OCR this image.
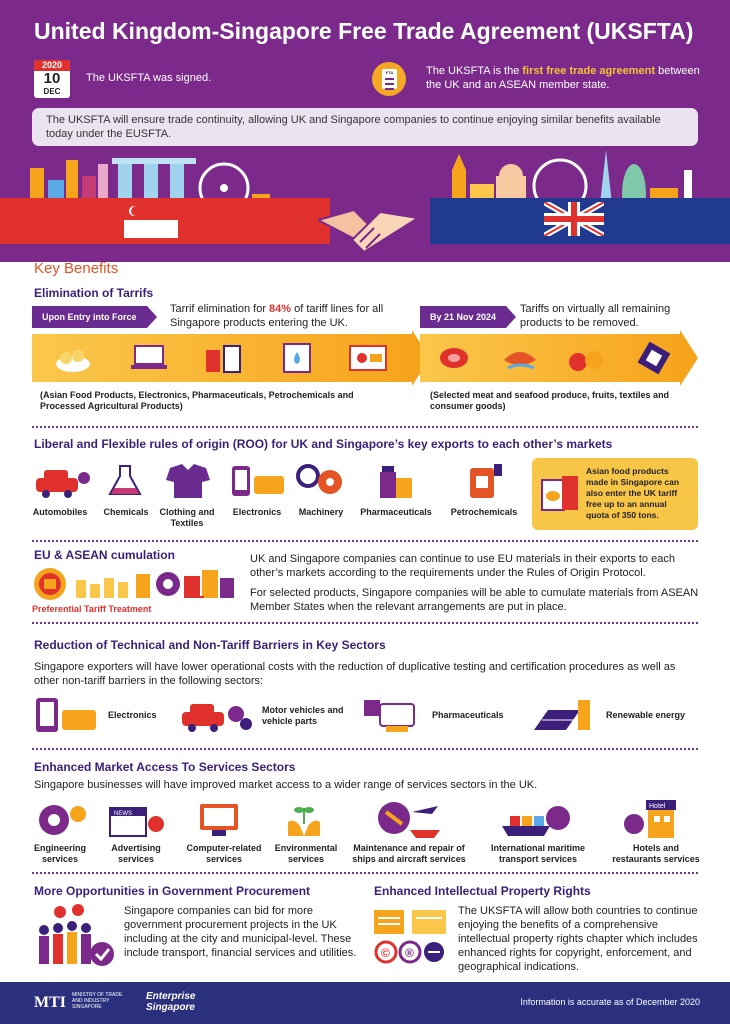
United Kingdom-Singapore Free Trade Agreement (UKSFTA)
2020
10
DEC
The UKSFTA was signed.	FTA	The UKSFTA is the first free trade agreement between the UK and an ASEAN member state.
The UKSFTA will ensure trade continuity, allowing UK and Singapore companies to continue enjoying similar benefits available today under the EUSFTA.
Key Benefits
Elimination of Tarrifs
Upon Entry into Force
Tarrif elimination for 84% of tariff lines for all Singapore products entering the UK.	By 21 Nov 2024
Tariffs on virtually all remaining products to be removed.
(Asian Food Products, Electronics, Pharmaceuticals, Petrochemicals and Processed Agricultural Products)
(Selected meat and seafood produce, fruits, textiles and consumer goods)
Liberal and Flexible rules of origin (ROO) for UK and Singapore’s key exports to each other’s markets
Automobiles	Chemicals	Clothing and Textiles
Electronics	Machinery	Pharmaceuticals	Petrochemicals
Asian food products made in Singapore can also enter the UK tariff free up to an annual quota of 350 tons.
EU & ASEAN cumulation
Preferential Tariff Treatment
UK and Singapore companies can continue to use EU materials in their exports to each other’s markets according to the requirements under the Rules of Origin Protocol.
For selected products, Singapore companies will be able to cumulate materials from ASEAN Member States when the relevant arrangements are put in place.
Reduction of Technical and Non-Tariff Barriers in Key Sectors
Singapore exporters will have lower operational costs with the reduction of duplicative testing and certification procedures as well as other non-tariff barriers in the following sectors:
Electronics	Motor vehicles and vehicle parts
Pharmaceuticals	Renewable energy
Enhanced Market Access To Services Sectors
Singapore businesses will have improved market access to a wider range of services sectors in the UK.
NEWS
Hotel
Engineering services
Advertising services
Computer-related services
Environmental services
Maintenance and repair of ships and aircraft services
International maritime transport services
Hotels and restaurants services
More Opportunities in Government Procurement
Singapore companies can bid for more government procurement projects in the UK including at the city and municipal-level. These include transport, financial services and utilities.
Enhanced Intellectual Property Rights
© ®
The UKSFTA will allow both countries to continue enjoying the benefits of a comprehensive intellectual property rights chapter which includes enhanced rights for copyright, enforcement, and geographical indications.
MTI MINISTRY OF TRADE AND INDUSTRY SINGAPORE
Enterprise
Singapore	Information is accurate as of December 2020
